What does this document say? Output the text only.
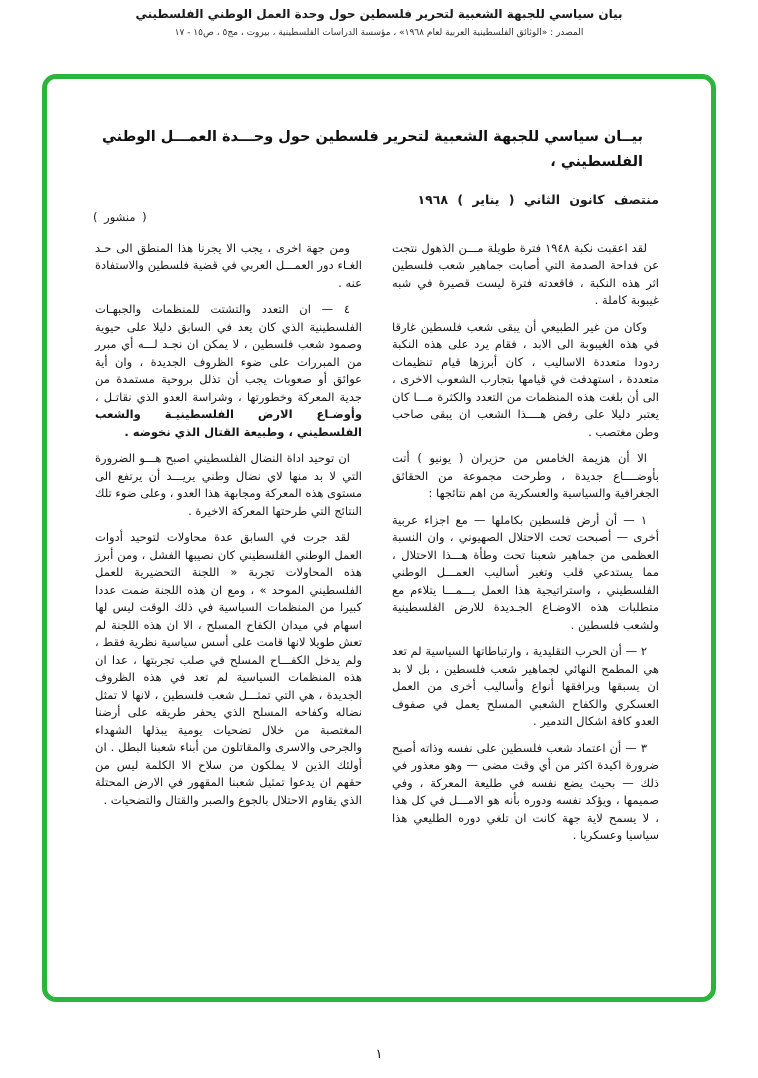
بيان سياسي للجبهة الشعبية لتحرير فلسطين حول وحدة العمل الوطني الفلسطيني
المصدر : «الوثائق الفلسطينية العربية لعام ١٩٦٨» ، مؤسسة الدراسات الفلسطينية ، بيروت ، مج٥ ، ص١٥ - ١٧
بيــان سياسي للجبهة الشعبية لتحرير فلسطين حول وحـــدة العمـــل الوطني
الفلسطيني ،
منتصف كانون الثاني ( يناير ) ١٩٦٨
( منشور )

لقد اعقبت نكبة ١٩٤٨ فترة طويلة مـــن الذهول نتجت عن فداحة الصدمة التي أصابت جماهير شعب فلسطين اثر هذه النكبة ، فاقعدته فترة ليست قصيرة في شبه غيبوبة كاملة .

وكان من غير الطبيعي أن يبقى شعب فلسطين غارقا في هذه الغيبوبة الى الابد ، فقام يرد على هذه النكبة ردودا متعددة الاساليب ، كان أبرزها قيام تنظيمات متعددة ، استهدفت في قيامها بتجارب الشعوب الاخرى ، الى أن بلغت هذه المنظمات من التعدد والكثرة مـــا كان يعتبر دليلا على رفض هــــذا الشعب ان يبقى صاحب وطن مغتصب .

الا أن هزيمة الخامس من حزيران ( يونيو ) أتت بأوضــــاع جديدة ، وطرحت مجموعة من الحقائق الجغرافية والسياسية والعسكرية من اهم نتائجها :

١ — أن أرض فلسطين بكاملها — مع اجزاء عربية أخرى — أصبحت تحت الاحتلال الصهيوني ، وان النسبة العظمى من جماهير شعبنا تحت وطأة هـــذا الاحتلال ، مما يستدعي قلب وتغير أساليب العمـــل الوطني الفلسطيني ، واستراتيجية هذا العمل بـــمـــا يتلاءم مع متطلبات هذه الاوضـاع الجـديدة للارض الفلسطينية ولشعب فلسطين .

٢ — أن الحرب التقليدية ، وارتباطاتها السياسية لم تعد هي المطمح النهائي لجماهير شعب فلسطين ، بل لا بد ان يسبقها ويرافقها أنواع وأساليب أخرى من العمل العسكري والكفاح الشعبي المسلح يعمل في صفوف العدو كافة اشكال التدمير .

٣ — أن اعتماد شعب فلسطين على نفسه وذاته أصبح ضرورة اكيدة اكثر من أي وقت مضى — وهو معذور في ذلك — بحيث يضع نفسه في طليعة المعركة ، وفي صميمها ، ويؤكد نفسه ودوره بأنه هو الامـــل في كل هذا ، لا يسمح لاية جهة كانت ان تلغي دوره الطليعي هذا سياسيا وعسكريا .

ومن جهة اخرى ، يجب الا يجرنا هذا المنطق الى حـد الغـاء دور العمـــل العربي في قضية فلسطين والاستفادة عنه .

٤ — ان التعدد والتشتت للمنظمات والجبهـات الفلسطينية الذي كان يعد في السابق دليلا على حيوية وصمود شعب فلسطين ، لا يمكن ان نجـد لـــه أي مبرر من المبررات على ضوء الظروف الجديدة ، وان أية عوائق أو صعوبات يجب أن تذلل بروحية مستمدة من جدية المعركة وخطورتها ، وشراسة العدو الذي نقاتـل ، وأوضـاع الارض الفلسطينيـة والشعب الفلسطيني ، وطبيعة القتال الذي نخوضه .

ان توحيد اداة النضال الفلسطيني اصبح هـــو الضرورة التي لا بد منها لاي نضال وطني يريـــد أن يرتفع الى مستوى هذه المعركة ومجابهة هذا العدو ، وعلى ضوء تلك النتائج التي طرحتها المعركة الاخيرة .

لقد جرت في السابق عدة محاولات لتوحيد أدوات العمل الوطني الفلسطيني كان نصيبها الفشل ، ومن أبرز هذه المحاولات تجربة « اللجنة التحضيرية للعمل الفلسطيني الموحد » ، ومع ان هذه اللجنة ضمت عددا كبيرا من المنظمات السياسية في ذلك الوقت ليس لها اسهام في ميدان الكفاح المسلح ، الا ان هذه اللجنة لم تعش طويلا لانها قامت على أسس سياسية نظرية فقط ، ولم يدخل الكفـــاح المسلح في صلب تجربتها ، عدا ان هذه المنظمات السياسية لم تعد في هذه الظروف الجديدة ، هي التي تمثـــل شعب فلسطين ، لانها لا تمثل نضاله وكفاحه المسلح الذي يحفر طريقه على أرضنا المغتصبة من خلال تضحيات يومية يبذلها الشهداء والجرحى والاسرى والمقاتلون من أبناء شعبنا البطل . ان أولئك الذين لا يملكون من سلاح الا الكلمة ليس من حقهم ان يدعوا تمثيل شعبنا المقهور في الارض المحتلة الذي يقاوم الاحتلال بالجوع والصبر والقتال والتضحيات .

١
